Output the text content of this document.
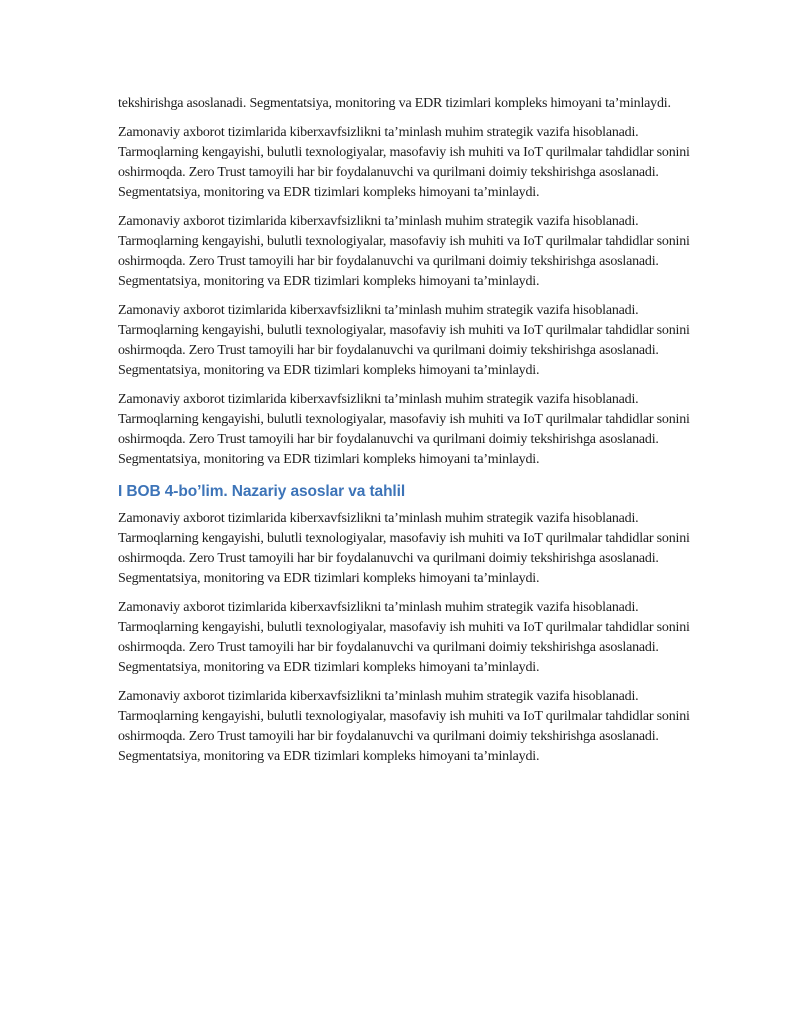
tekshirishga asoslanadi. Segmentatsiya, monitoring va EDR tizimlari kompleks himoyani ta’minlaydi.

Zamonaviy axborot tizimlarida kiberxavfsizlikni ta’minlash muhim strategik vazifa hisoblanadi. Tarmoqlarning kengayishi, bulutli texnologiyalar, masofaviy ish muhiti va IoT qurilmalar tahdidlar sonini oshirmoqda. Zero Trust tamoyili har bir foydalanuvchi va qurilmani doimiy tekshirishga asoslanadi. Segmentatsiya, monitoring va EDR tizimlari kompleks himoyani ta’minlaydi.

Zamonaviy axborot tizimlarida kiberxavfsizlikni ta’minlash muhim strategik vazifa hisoblanadi. Tarmoqlarning kengayishi, bulutli texnologiyalar, masofaviy ish muhiti va IoT qurilmalar tahdidlar sonini oshirmoqda. Zero Trust tamoyili har bir foydalanuvchi va qurilmani doimiy tekshirishga asoslanadi. Segmentatsiya, monitoring va EDR tizimlari kompleks himoyani ta’minlaydi.

Zamonaviy axborot tizimlarida kiberxavfsizlikni ta’minlash muhim strategik vazifa hisoblanadi. Tarmoqlarning kengayishi, bulutli texnologiyalar, masofaviy ish muhiti va IoT qurilmalar tahdidlar sonini oshirmoqda. Zero Trust tamoyili har bir foydalanuvchi va qurilmani doimiy tekshirishga asoslanadi. Segmentatsiya, monitoring va EDR tizimlari kompleks himoyani ta’minlaydi.

Zamonaviy axborot tizimlarida kiberxavfsizlikni ta’minlash muhim strategik vazifa hisoblanadi. Tarmoqlarning kengayishi, bulutli texnologiyalar, masofaviy ish muhiti va IoT qurilmalar tahdidlar sonini oshirmoqda. Zero Trust tamoyili har bir foydalanuvchi va qurilmani doimiy tekshirishga asoslanadi. Segmentatsiya, monitoring va EDR tizimlari kompleks himoyani ta’minlaydi.

I BOB 4-bo’lim. Nazariy asoslar va tahlil

Zamonaviy axborot tizimlarida kiberxavfsizlikni ta’minlash muhim strategik vazifa hisoblanadi. Tarmoqlarning kengayishi, bulutli texnologiyalar, masofaviy ish muhiti va IoT qurilmalar tahdidlar sonini oshirmoqda. Zero Trust tamoyili har bir foydalanuvchi va qurilmani doimiy tekshirishga asoslanadi. Segmentatsiya, monitoring va EDR tizimlari kompleks himoyani ta’minlaydi.

Zamonaviy axborot tizimlarida kiberxavfsizlikni ta’minlash muhim strategik vazifa hisoblanadi. Tarmoqlarning kengayishi, bulutli texnologiyalar, masofaviy ish muhiti va IoT qurilmalar tahdidlar sonini oshirmoqda. Zero Trust tamoyili har bir foydalanuvchi va qurilmani doimiy tekshirishga asoslanadi. Segmentatsiya, monitoring va EDR tizimlari kompleks himoyani ta’minlaydi.

Zamonaviy axborot tizimlarida kiberxavfsizlikni ta’minlash muhim strategik vazifa hisoblanadi. Tarmoqlarning kengayishi, bulutli texnologiyalar, masofaviy ish muhiti va IoT qurilmalar tahdidlar sonini oshirmoqda. Zero Trust tamoyili har bir foydalanuvchi va qurilmani doimiy tekshirishga asoslanadi. Segmentatsiya, monitoring va EDR tizimlari kompleks himoyani ta’minlaydi.
